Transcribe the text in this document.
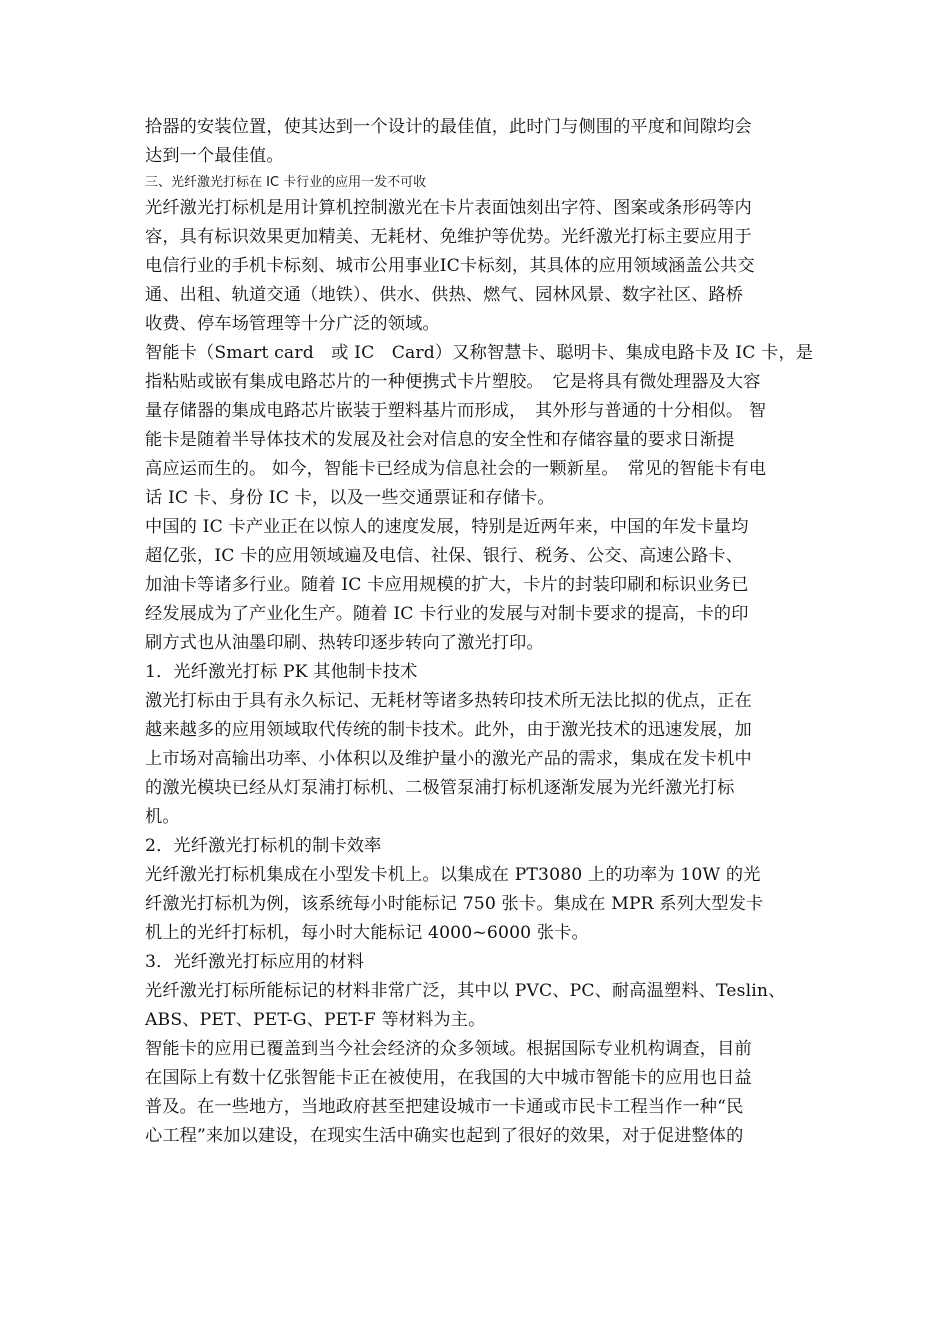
拾器的安装位置，使其达到一个设计的最佳值，此时门与侧围的平度和间隙均会
达到一个最佳值。
三、光纤激光打标在 IC 卡行业的应用一发不可收
光纤激光打标机是用计算机控制激光在卡片表面蚀刻出字符、图案或条形码等内
容，具有标识效果更加精美、无耗材、免维护等优势。光纤激光打标主要应用于
电信行业的手机卡标刻、城市公用事业IC卡标刻，其具体的应用领域涵盖公共交
通、出租、轨道交通（地铁）、供水、供热、燃气、园林风景、数字社区、路桥
收费、停车场管理等十分广泛的领域。
智能卡（Smart card　或 IC　Card）又称智慧卡、聪明卡、集成电路卡及 IC 卡，是
指粘贴或嵌有集成电路芯片的一种便携式卡片塑胶。　它是将具有微处理器及大容
量存储器的集成电路芯片嵌装于塑料基片而形成，　其外形与普通的十分相似。 智
能卡是随着半导体技术的发展及社会对信息的安全性和存储容量的要求日渐提
高应运而生的。 如今，智能卡已经成为信息社会的一颗新星。　常见的智能卡有电
话 IC 卡、身份 IC 卡，以及一些交通票证和存储卡。
中国的 IC 卡产业正在以惊人的速度发展，特别是近两年来，中国的年发卡量均
超亿张，IC 卡的应用领域遍及电信、社保、银行、税务、公交、高速公路卡、
加油卡等诸多行业。随着 IC 卡应用规模的扩大，卡片的封装印刷和标识业务已
经发展成为了产业化生产。随着 IC 卡行业的发展与对制卡要求的提高，卡的印
刷方式也从油墨印刷、热转印逐步转向了激光打印。
1．光纤激光打标 PK 其他制卡技术
激光打标由于具有永久标记、无耗材等诸多热转印技术所无法比拟的优点，正在
越来越多的应用领域取代传统的制卡技术。此外，由于激光技术的迅速发展，加
上市场对高输出功率、小体积以及维护量小的激光产品的需求，集成在发卡机中
的激光模块已经从灯泵浦打标机、二极管泵浦打标机逐渐发展为光纤激光打标
机。
2．光纤激光打标机的制卡效率
光纤激光打标机集成在小型发卡机上。以集成在 PT3080 上的功率为 10W 的光
纤激光打标机为例，该系统每小时能标记 750 张卡。集成在 MPR 系列大型发卡
机上的光纤打标机，每小时大能标记 4000~6000 张卡。
3．光纤激光打标应用的材料
光纤激光打标所能标记的材料非常广泛，其中以 PVC、PC、耐高温塑料、Teslin、
ABS、PET、PET-G、PET-F 等材料为主。
智能卡的应用已覆盖到当今社会经济的众多领域。根据国际专业机构调查，目前
在国际上有数十亿张智能卡正在被使用，在我国的大中城市智能卡的应用也日益
普及。在一些地方，当地政府甚至把建设城市一卡通或市民卡工程当作一种“民
心工程”来加以建设，在现实生活中确实也起到了很好的效果，对于促进整体的
